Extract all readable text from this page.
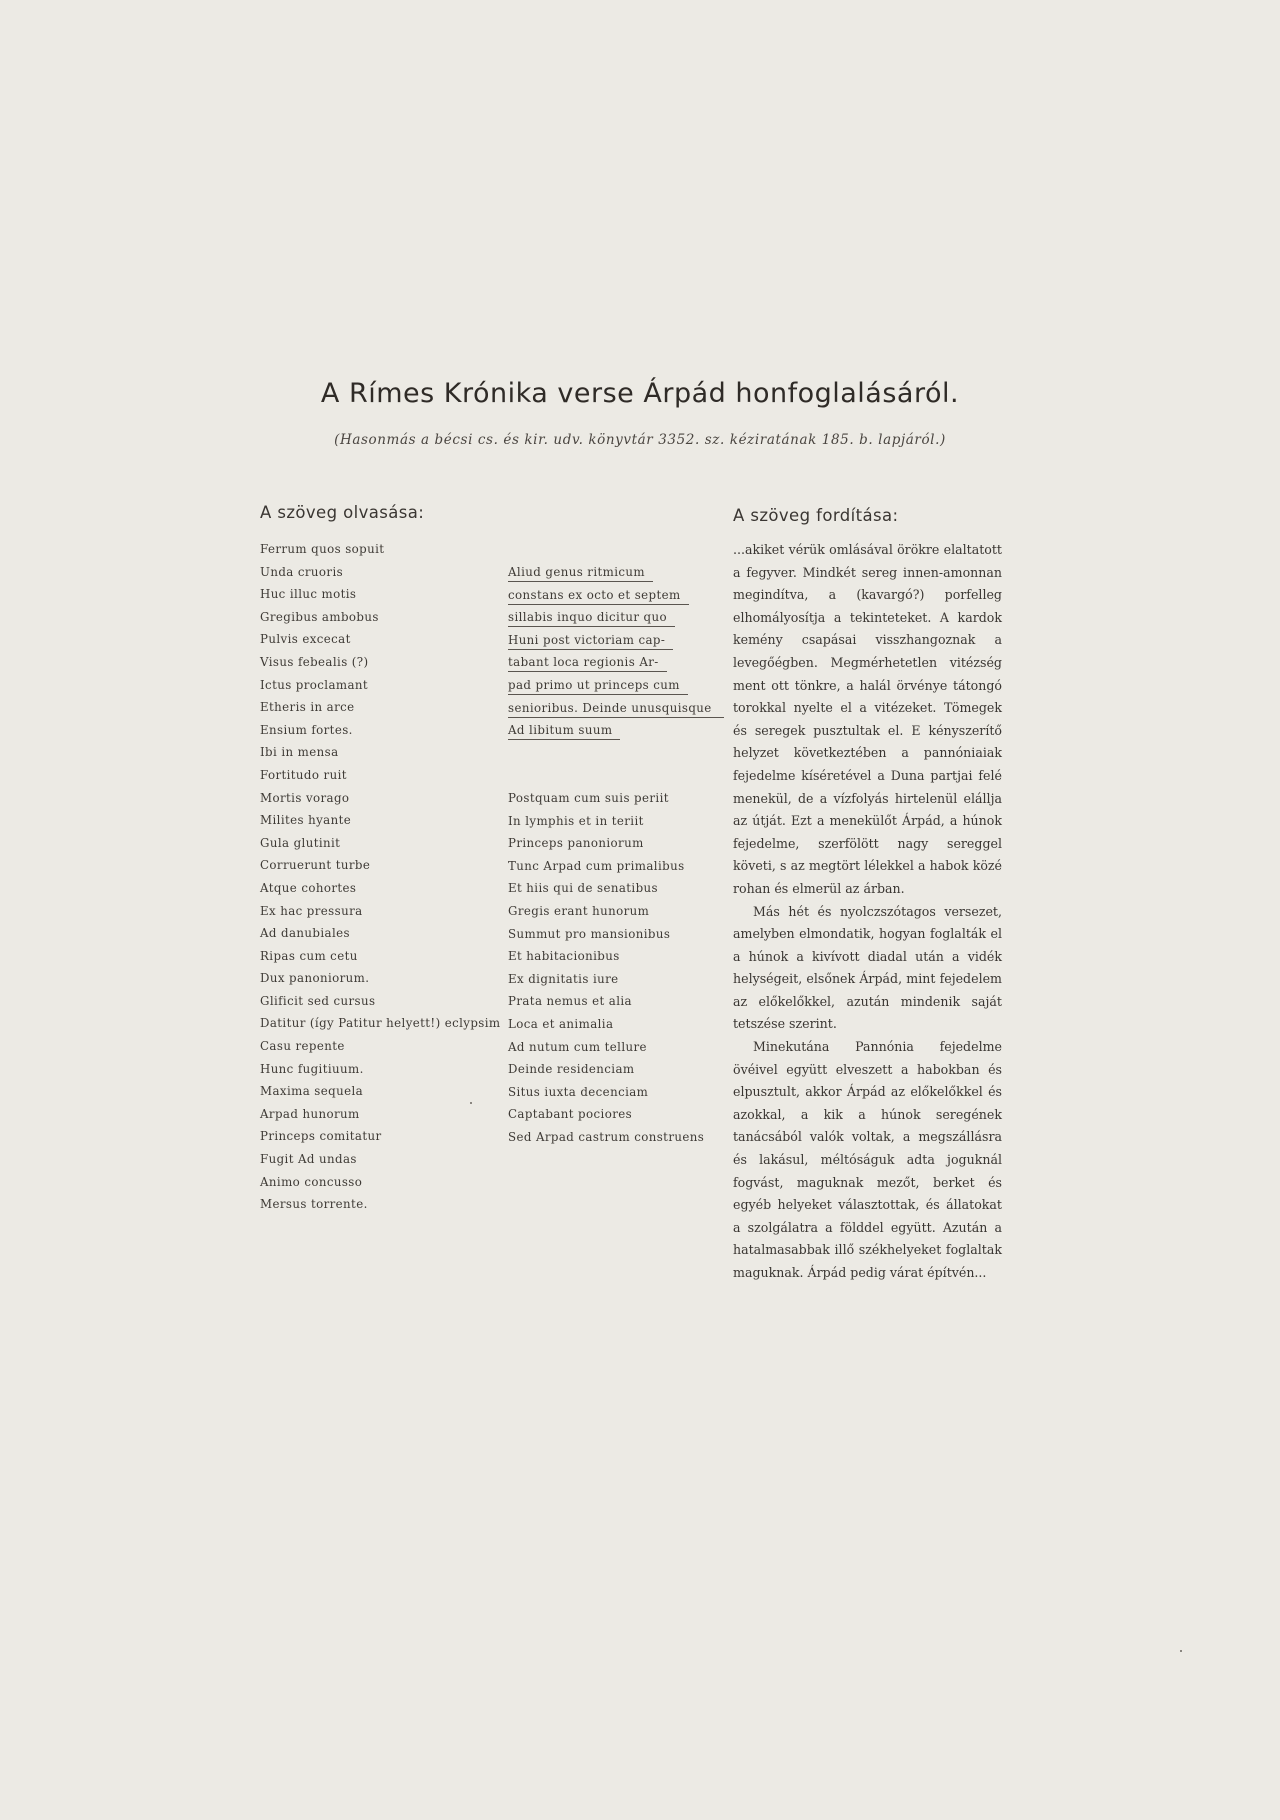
A Rímes Krónika verse Árpád honfoglalásáról.
(Hasonmás a bécsi cs. és kir. udv. könyvtár 3352. sz. kéziratának 185. b. lapjáról.)
A szöveg olvasása:	A szöveg fordítása:
Ferrum quos sopuit
Unda cruoris
Huc illuc motis
Gregibus ambobus
Pulvis excecat
Visus febealis (?)
Ictus proclamant
Etheris in arce
Ensium fortes.
Ibi in mensa
Fortitudo ruit
Mortis vorago
Milites hyante
Gula glutinit
Corruerunt turbe
Atque cohortes
Ex hac pressura
Ad danubiales
Ripas cum cetu
Dux panoniorum.
Glificit sed cursus
Datitur (így Patitur helyett!) eclypsim
Casu repente
Hunc fugitiuum.
Maxima sequela
Arpad hunorum
Princeps comitatur
Fugit Ad undas
Animo concusso
Mersus torrente.
Aliud genus ritmicum
constans ex octo et septem
sillabis inquo dicitur quo
Huni post victoriam cap-
tabant loca regionis Ar-
pad primo ut princeps cum
senioribus. Deinde unusquisque
Ad libitum suum
Postquam cum suis periit
In lymphis et in teriit
Princeps panoniorum
Tunc Arpad cum primalibus
Et hiis qui de senatibus
Gregis erant hunorum
Summut pro mansionibus
Et habitacionibus
Ex dignitatis iure
Prata nemus et alia
Loca et animalia
Ad nutum cum tellure
Deinde residenciam
Situs iuxta decenciam
Captabant pociores
Sed Arpad castrum construens

...akiket vérük omlásával örökre elaltatott a fegyver. Mindkét sereg innen-amonnan megindítva, a (kavargó?) porfelleg elhomályosítja a tekinteteket. A kardok kemény csapásai visszhangoznak a levegőégben. Megmérhetetlen vitézség ment ott tönkre, a halál örvénye tátongó torokkal nyelte el a vitézeket. Tömegek és seregek pusztultak el. E kényszerítő helyzet következtében a pannóniaiak fejedelme kíséretével a Duna partjai felé menekül, de a vízfolyás hirtelenül elállja az útját. Ezt a menekülőt Árpád, a húnok fejedelme, szerfölött nagy sereggel követi, s az megtört lélekkel a habok közé rohan és elmerül az árban.

Más hét és nyolczszótagos versezet, amelyben elmondatik, hogyan foglalták el a húnok a kivívott diadal után a vidék helységeit, elsőnek Árpád, mint fejedelem az előkelőkkel, azután mindenik saját tetszése szerint.

Minekutána Pannónia fejedelme övéivel együtt elveszett a habokban és elpusztult, akkor Árpád az előkelőkkel és azokkal, a kik a húnok seregének tanácsából valók voltak, a megszállásra és lakásul, méltóságuk adta joguknál fogvást, maguknak mezőt, berket és egyéb helyeket választottak, és állatokat a szolgálatra a földdel együtt. Azután a hatalmasabbak illő székhelyeket foglaltak maguknak. Árpád pedig várat építvén...
